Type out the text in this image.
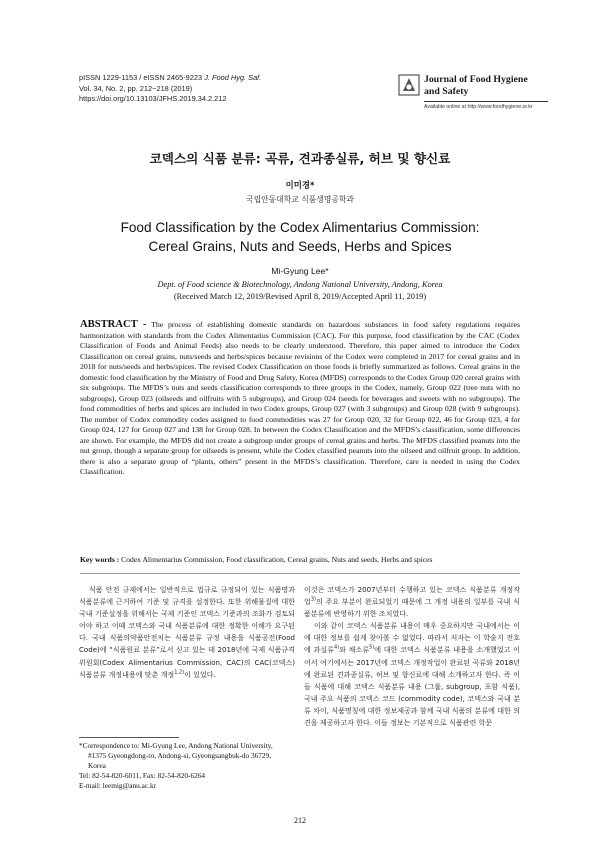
pISSN 1229-1153 / eISSN 2465-9223 J. Food Hyg. Saf.
Vol. 34, No. 2, pp. 212~218 (2019)
https://doi.org/10.13103/JFHS.2019.34.2.212
Journal of Food Hygiene
and Safety
Available online at http://www.foodhygiene.or.kr
코덱스의 식품 분류: 곡류, 견과종실류, 허브 및 향신료
이미경*
국립안동대학교 식품생명공학과
Food Classification by the Codex Alimentarius Commission:
Cereal Grains, Nuts and Seeds, Herbs and Spices
Mi-Gyung Lee*
Dept. of Food science & Biotechnology, Andong National University, Andong, Korea
(Received March 12, 2019/Revised April 8, 2019/Accepted April 11, 2019)
ABSTRACT - The process of establishing domestic standards on hazardous substances in food safety regulations requires harmonization with standards from the Codex Alimentarius Commission (CAC). For this purpose, food classification by the CAC (Codex Classification of Foods and Animal Feeds) also needs to be clearly understood. Therefore, this paper aimed to introduce the Codex Classification on cereal grains, nuts/seeds and herbs/spices because revisions of the Codex were completed in 2017 for cereal grains and in 2018 for nuts/seeds and herbs/spices. The revised Codex Classification on those foods is briefly summarized as follows. Cereal grains in the domestic food classification by the Ministry of Food and Drug Safety, Korea (MFDS) corresponds to the Codex Group 020 cereal grains with six subgroups. The MFDS’s nuts and seeds classification corresponds to three groups in the Codex, namely, Group 022 (tree nuts with no subgroups), Group 023 (oilseeds and oilfruits with 5 subgroups), and Group 024 (seeds for beverages and sweets with no subgroups). The food commodities of herbs and spices are included in two Codex groups, Group 027 (with 3 subgroups) and Group 028 (with 9 subgroups). The number of Codex commodity codes assigned to food commodities was 27 for Group 020, 32 for Group 022, 46 for Group 023, 4 for Group 024, 127 for Group 027 and 138 for Group 028. In between the Codex Classification and the MFDS’s classification, some differences are shown. For example, the MFDS did not create a subgroup under groups of cereal grains and herbs. The MFDS classified peanuts into the nut group, though a separate group for oilseeds is present, while the Codex classified peanuts into the oilseed and oilfruit group. In addition, there is also a separate group of “plants, others” present in the MFDS’s classification. Therefore, care is needed in using the Codex Classification.
Key words : Codex Alimentarius Commission, Food classification, Cereal grains, Nuts and seeds, Herbs and spices

식품 안전 규제에서는 일반적으로 법규로 규정되어 있는 식품명과 식품분류에 근거하여 기준 및 규격을 설정한다. 또한 위해물질에 대한 국내 기준설정을 위해서는 국제 기준인 코덱스 기준과의 조화가 검토되어야 하고 이때 코덱스와 국내 식품분류에 대한 정확한 이해가 요구된다. 국내 식품의약품안전처는 식품분류 규정 내용을 식품공전(Food Code)에 “식품원료 분류”로서 싣고 있는 데 2018년에 국제 식품규격위원회(Codex Alimentarius Commission, CAC)의 CAC(코덱스) 식품분류 개정내용에 맞춘 개정$^{1,2)}$이 있었다.

이것은 코덱스가 2007년부터 수행하고 있는 코덱스 식품분류 개정작업$^{3)}$의 주요 부분이 완료되었기 때문에 그 개정 내용의 일부를 국내 식품분류에 반영하기 위한 조치였다.

이와 같이 코덱스 식품분류 내용이 매우 중요하지만 국내에서는 이에 대한 정보를 쉽게 찾아볼 수 없었다. 따라서 저자는 이 학술지 전호에 과실류$^{4)}$와 채소류$^{5)}$에 대한 코덱스 식품분류 내용을 소개했었고 이어서 여기에서는 2017년에 코덱스 개정작업이 완료된 곡류와 2018년에 완료된 견과종실류, 허브 및 향신료에 대해 소개하고자 한다. 즉 이들 식품에 대해 코덱스 식품분류 내용 (그룹, subgroup, 포함 식품), 국내 주요 식품의 코덱스 코드 (commodity code), 코덱스와 국내 분류 차이, 식품명칭에 대한 정보제공과 함께 국내 식품의 분류에 대한 의견을 제공하고자 한다. 이들 정보는 기본적으로 식품관련 학문

*Correspondence to: Mi-Gyung Lee, Andong National University,
#1375 Gyeongdong-ro, Andong-si, Gyeongsangbuk-do 36729,
Korea
Tel: 82-54-820-6011, Fax: 82-54-820-6264
E-mail: leemig@anu.ac.kr
212
